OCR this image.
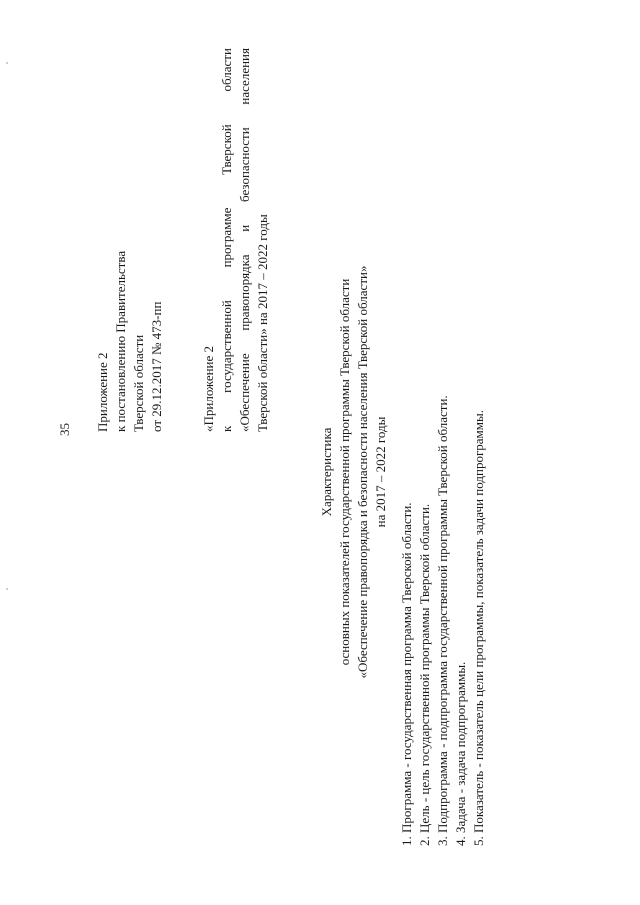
35 Приложение 2 к постановлению Правительства Тверской области от 29.12.2017 № 473-пп	«Приложение 2 к
государственной
программе
Тверской
области
«Обеспечение
правопорядка
и
безопасности
населения
Тверской области» на 2017 – 2022 годы
Характеристика основных показателей государственной программы Тверской области «Обеспечение правопорядка и безопасности населения Тверской области» на 2017 – 2022 годы
1. Программа - государственная программа Тверской области. 2. Цель - цель государственной программы Тверской области. 3. Подпрограмма - подпрограмма государственной программы Тверской области. 4. Задача - задача подпрограммы. 5. Показатель - показатель цели программы, показатель задачи подпрограммы.
